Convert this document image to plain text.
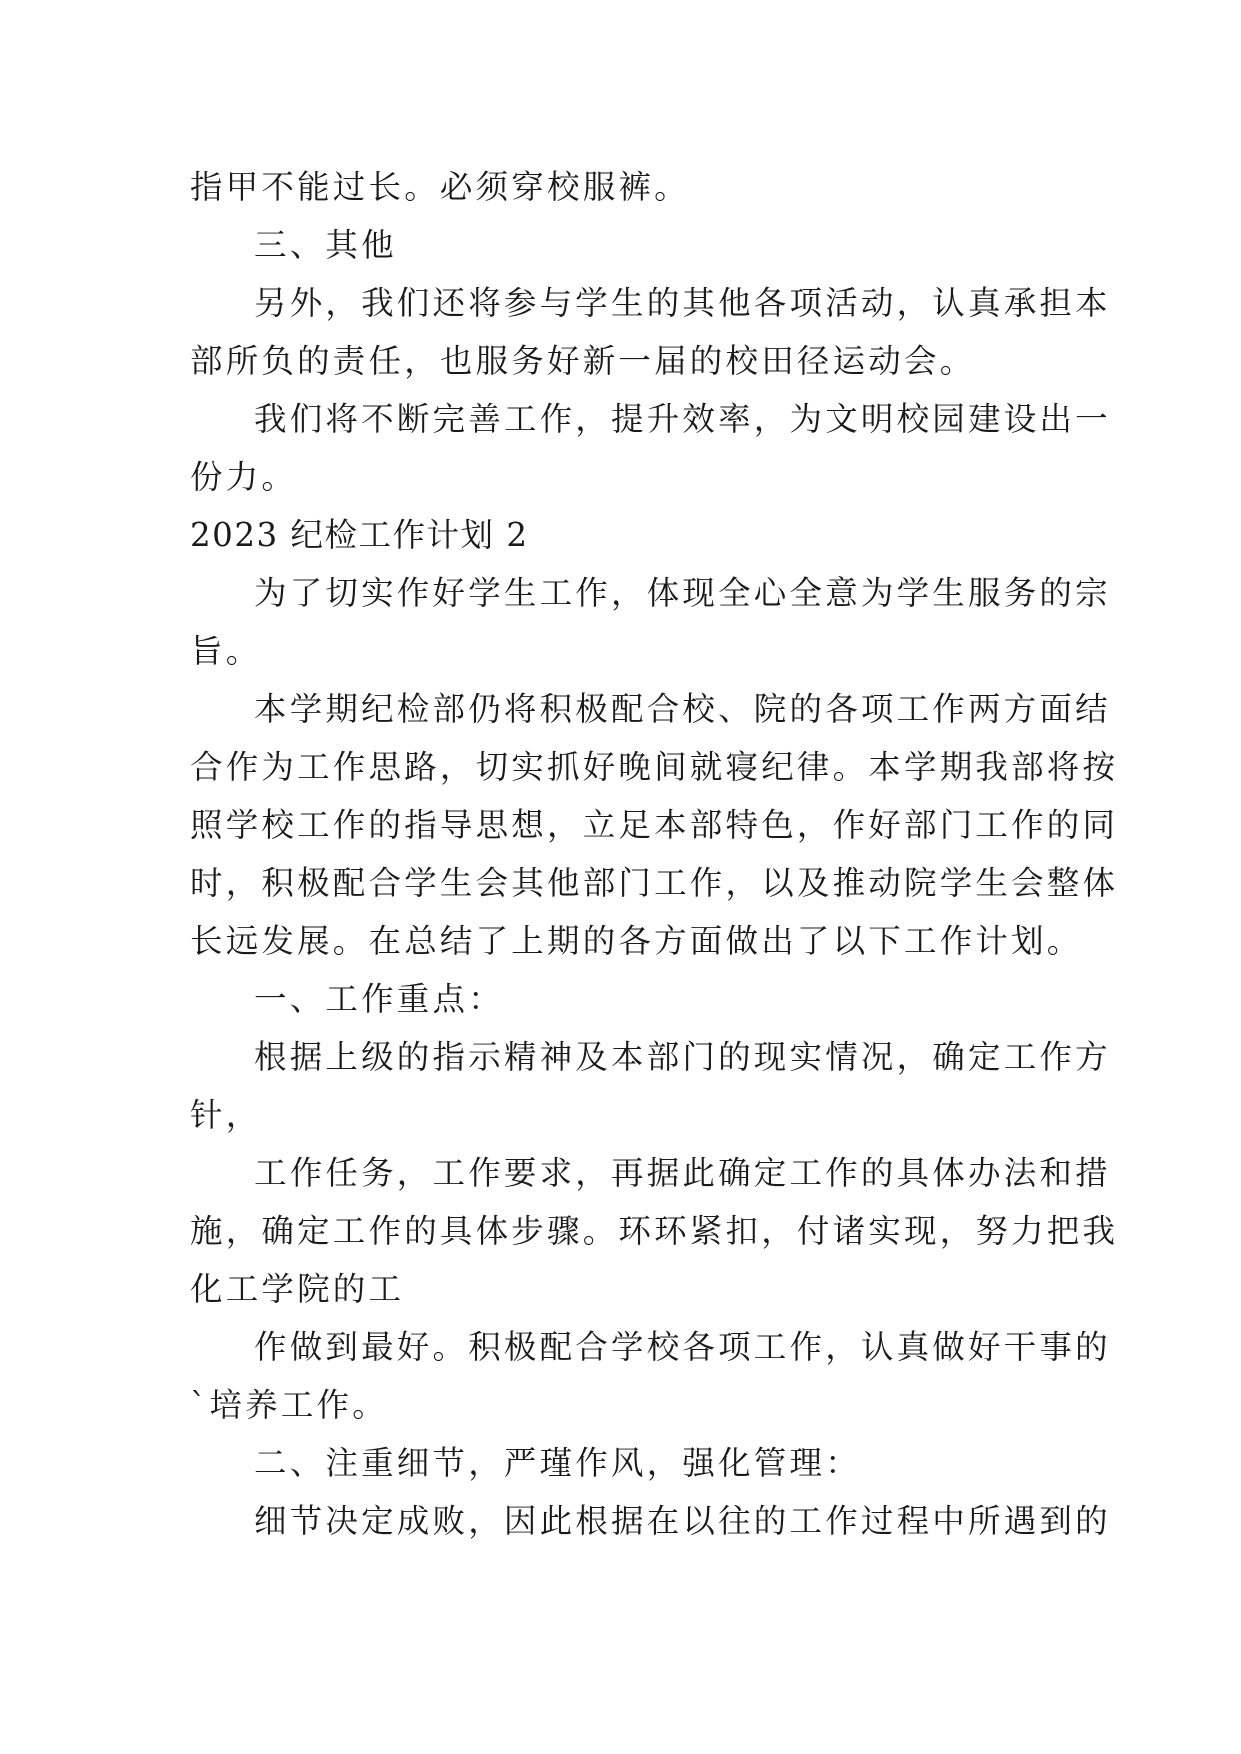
指甲不能过长。必须穿校服裤。
三、其他
另外，我们还将参与学生的其他各项活动，认真承担本
部所负的责任，也服务好新一届的校田径运动会。
我们将不断完善工作，提升效率，为文明校园建设出一
份力。
2023 纪检工作计划 2
为了切实作好学生工作，体现全心全意为学生服务的宗
旨。
本学期纪检部仍将积极配合校、院的各项工作两方面结
合作为工作思路，切实抓好晚间就寝纪律。本学期我部将按
照学校工作的指导思想，立足本部特色，作好部门工作的同
时，积极配合学生会其他部门工作，以及推动院学生会整体
长远发展。在总结了上期的各方面做出了以下工作计划。
一、工作重点：
根据上级的指示精神及本部门的现实情况，确定工作方
针，
工作任务，工作要求，再据此确定工作的具体办法和措
施，确定工作的具体步骤。环环紧扣，付诸实现，努力把我
化工学院的工
作做到最好。积极配合学校各项工作，认真做好干事的
`培养工作。
二、注重细节，严瑾作风，强化管理：
细节决定成败，因此根据在以往的工作过程中所遇到的
